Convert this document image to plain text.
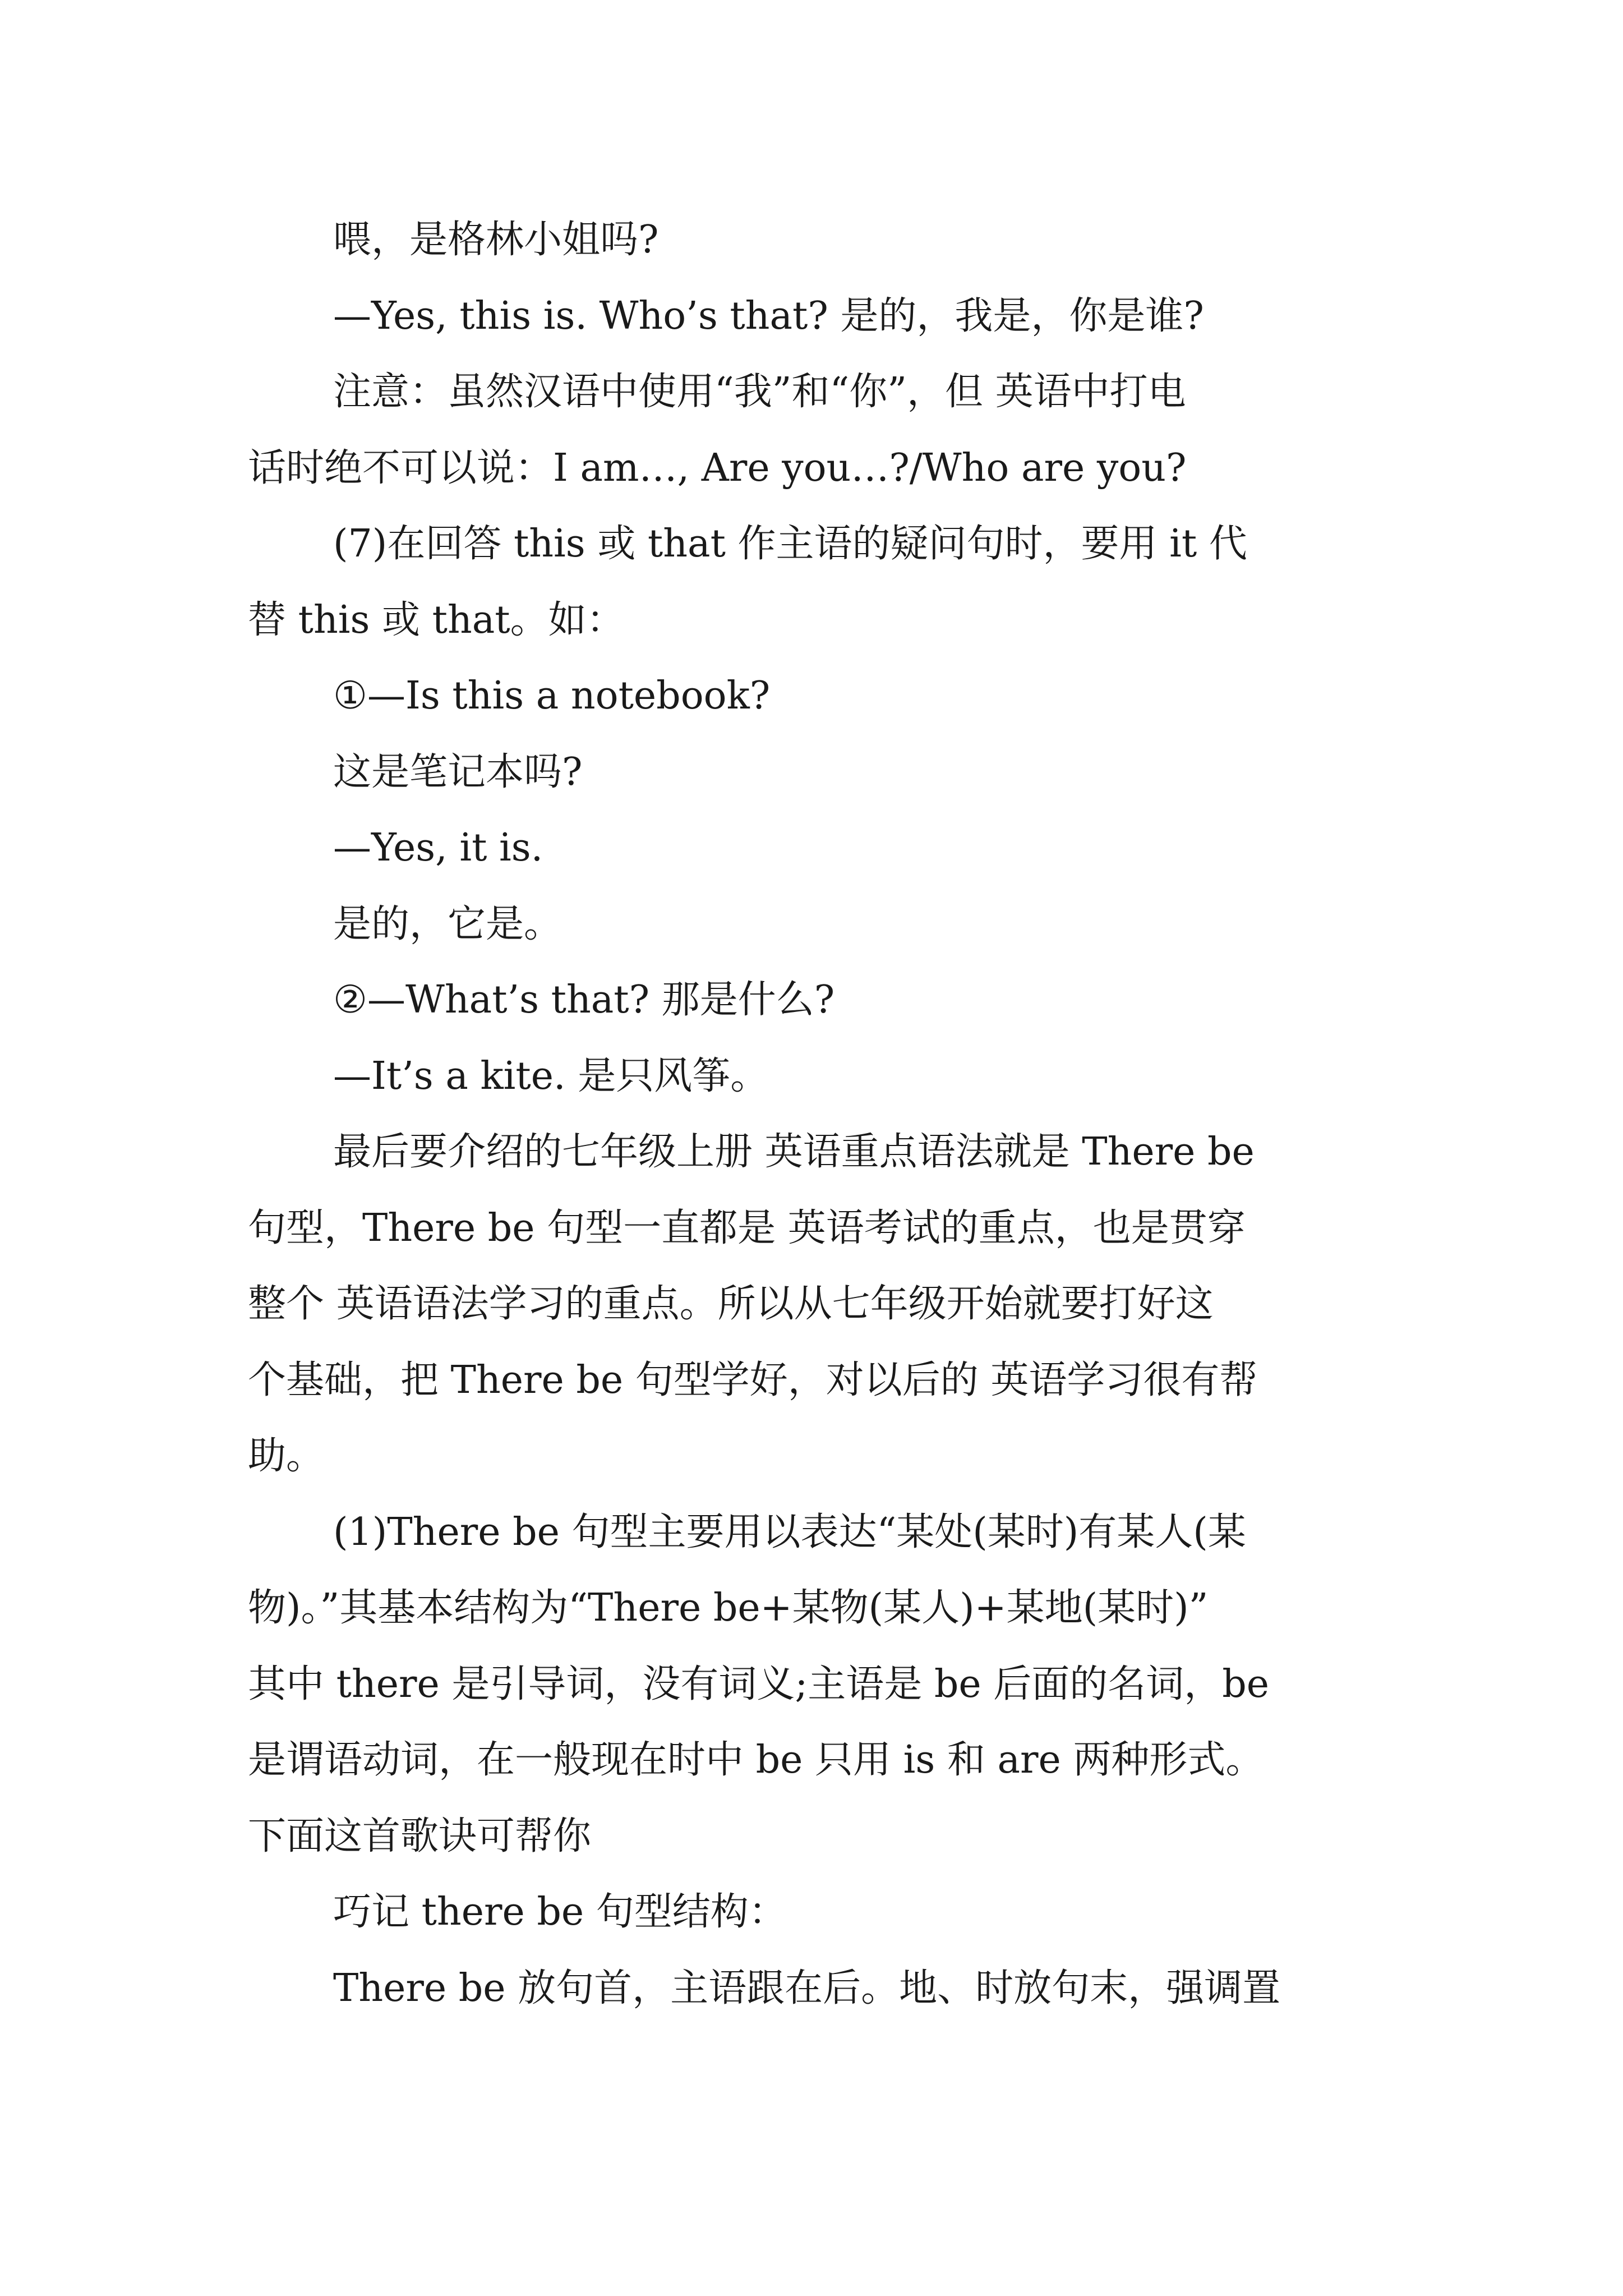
喂，是格林小姐吗?

—Yes, this is. Who’s that? 是的，我是，你是谁?

注意：虽然汉语中使用“我”和“你”，但 英语中打电

话时绝不可以说：I am…, Are you…?/Who are you?

(7)在回答 this 或 that 作主语的疑问句时，要用 it 代

替 this 或 that。如：

①—Is this a notebook?

这是笔记本吗?

—Yes, it is.

是的，它是。

②—What’s that? 那是什么?

—It’s a kite. 是只风筝。

最后要介绍的七年级上册 英语重点语法就是 There be

句型，There be 句型一直都是 英语考试的重点，也是贯穿

整个 英语语法学习的重点。所以从七年级开始就要打好这

个基础，把 There be 句型学好，对以后的 英语学习很有帮

助。

(1)There be 句型主要用以表达“某处(某时)有某人(某

物)。”其基本结构为“There be+某物(某人)+某地(某时)”

其中 there 是引导词，没有词义;主语是 be 后面的名词，be

是谓语动词，在一般现在时中 be 只用 is 和 are 两种形式。

下面这首歌诀可帮你

巧记 there be 句型结构：

There be 放句首，主语跟在后。地、时放句末，强调置
